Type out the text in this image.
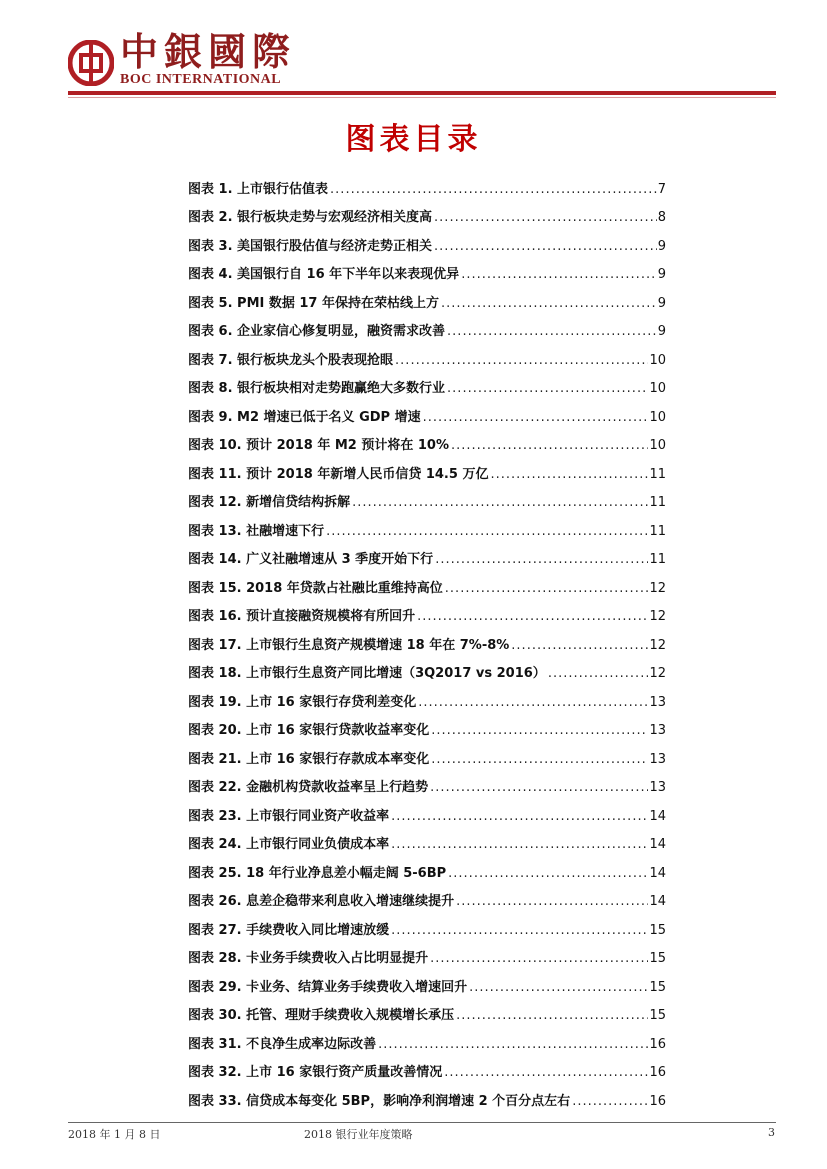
中銀國際
BOC INTERNATIONAL
图表目录
图表 1. 上市银行估值表 .....	7
图表 2. 银行板块走势与宏观经济相关度高 .....	8
图表 3. 美国银行股估值与经济走势正相关 .....	9
图表 4. 美国银行自 16 年下半年以来表现优异 .....	9
图表 5. PMI 数据 17 年保持在荣枯线上方 .....	9
图表 6. 企业家信心修复明显，融资需求改善 .....	9
图表 7. 银行板块龙头个股表现抢眼 .....	10
图表 8. 银行板块相对走势跑赢绝大多数行业 .....	10
图表 9. M2 增速已低于名义 GDP 增速 .....	10
图表 10. 预计 2018 年 M2 预计将在 10% .....	10
图表 11. 预计 2018 年新增人民币信贷 14.5 万亿 .....	11
图表 12. 新增信贷结构拆解 .....	11
图表 13. 社融增速下行 .....	11
图表 14. 广义社融增速从 3 季度开始下行 .....	11
图表 15. 2018 年贷款占社融比重维持高位 .....	12
图表 16. 预计直接融资规模将有所回升 .....	12
图表 17. 上市银行生息资产规模增速 18 年在 7%-8% .....	12
图表 18. 上市银行生息资产同比增速（3Q2017 vs 2016） .....	12
图表 19. 上市 16 家银行存贷利差变化 .....	13
图表 20. 上市 16 家银行贷款收益率变化 .....	13
图表 21. 上市 16 家银行存款成本率变化 .....	13
图表 22. 金融机构贷款收益率呈上行趋势 .....	13
图表 23. 上市银行同业资产收益率 .....	14
图表 24. 上市银行同业负债成本率 .....	14
图表 25. 18 年行业净息差小幅走阔 5-6BP .....	14
图表 26. 息差企稳带来利息收入增速继续提升 .....	14
图表 27. 手续费收入同比增速放缓 .....	15
图表 28. 卡业务手续费收入占比明显提升 .....	15
图表 29. 卡业务、结算业务手续费收入增速回升 .....	15
图表 30. 托管、理财手续费收入规模增长承压 .....	15
图表 31. 不良净生成率边际改善 .....	16
图表 32. 上市 16 家银行资产质量改善情况 .....	16
图表 33. 信贷成本每变化 5BP，影响净利润增速 2 个百分点左右 .....	16
2018 年 1 月 8 日	2018 银行业年度策略	3
